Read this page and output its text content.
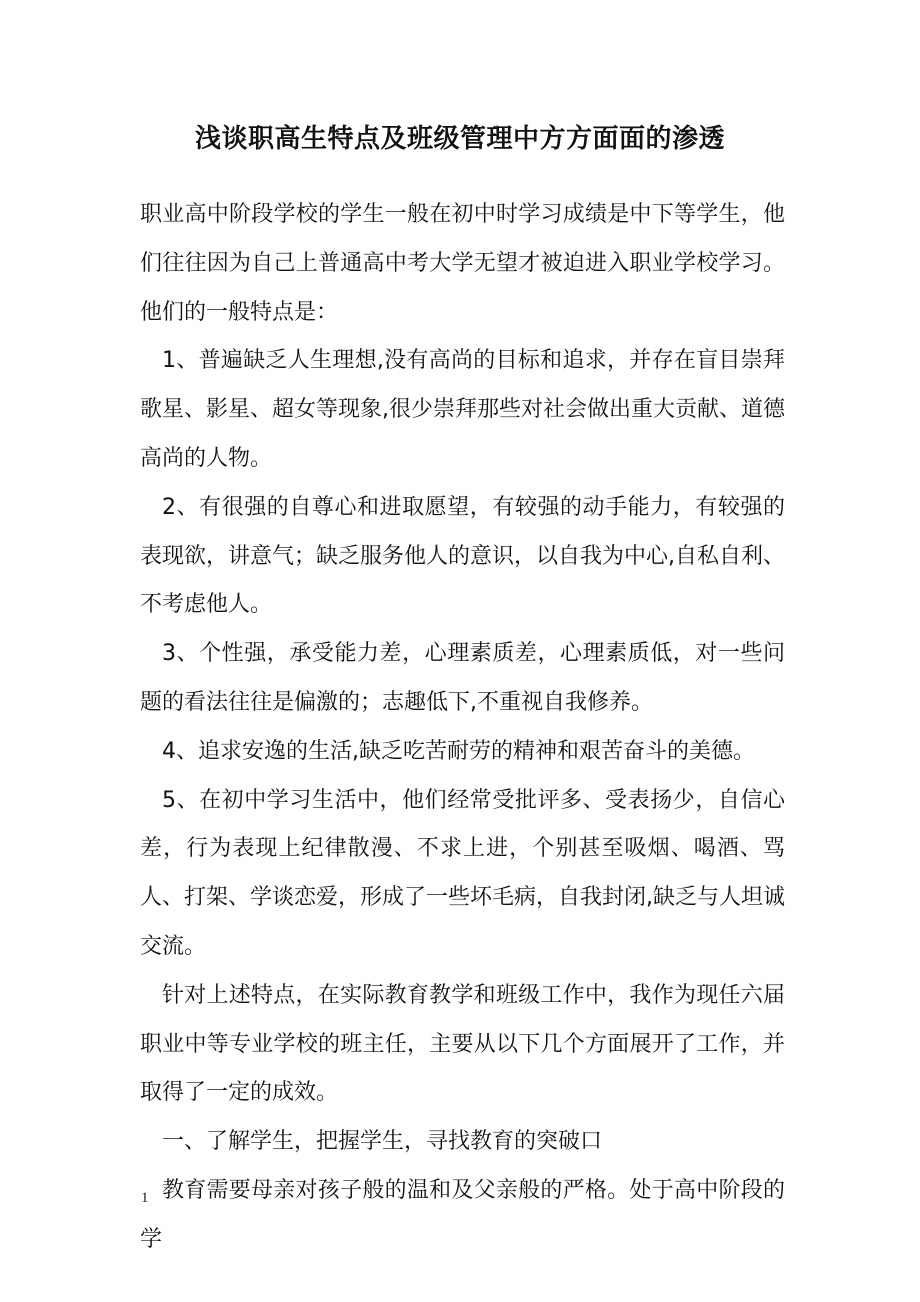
浅谈职高生特点及班级管理中方方面面的渗透

职业高中阶段学校的学生一般在初中时学习成绩是中下等学生，他们往往因为自己上普通高中考大学无望才被迫进入职业学校学习。他们的一般特点是：

1、普遍缺乏人生理想,没有高尚的目标和追求，并存在盲目崇拜歌星、影星、超女等现象,很少崇拜那些对社会做出重大贡献、道德高尚的人物。

2、有很强的自尊心和进取愿望，有较强的动手能力，有较强的表现欲，讲意气；缺乏服务他人的意识，以自我为中心,自私自利、不考虑他人。

3、个性强，承受能力差，心理素质差，心理素质低，对一些问题的看法往往是偏激的；志趣低下,不重视自我修养。

4、追求安逸的生活,缺乏吃苦耐劳的精神和艰苦奋斗的美德。

5、在初中学习生活中，他们经常受批评多、受表扬少，自信心差，行为表现上纪律散漫、不求上进，个别甚至吸烟、喝酒、骂人、打架、学谈恋爱，形成了一些坏毛病，自我封闭,缺乏与人坦诚交流。

针对上述特点，在实际教育教学和班级工作中，我作为现任六届职业中等专业学校的班主任，主要从以下几个方面展开了工作，并取得了一定的成效。

一、了解学生，把握学生，寻找教育的突破口

教育需要母亲对孩子般的温和及父亲般的严格。处于高中阶段的学

1
